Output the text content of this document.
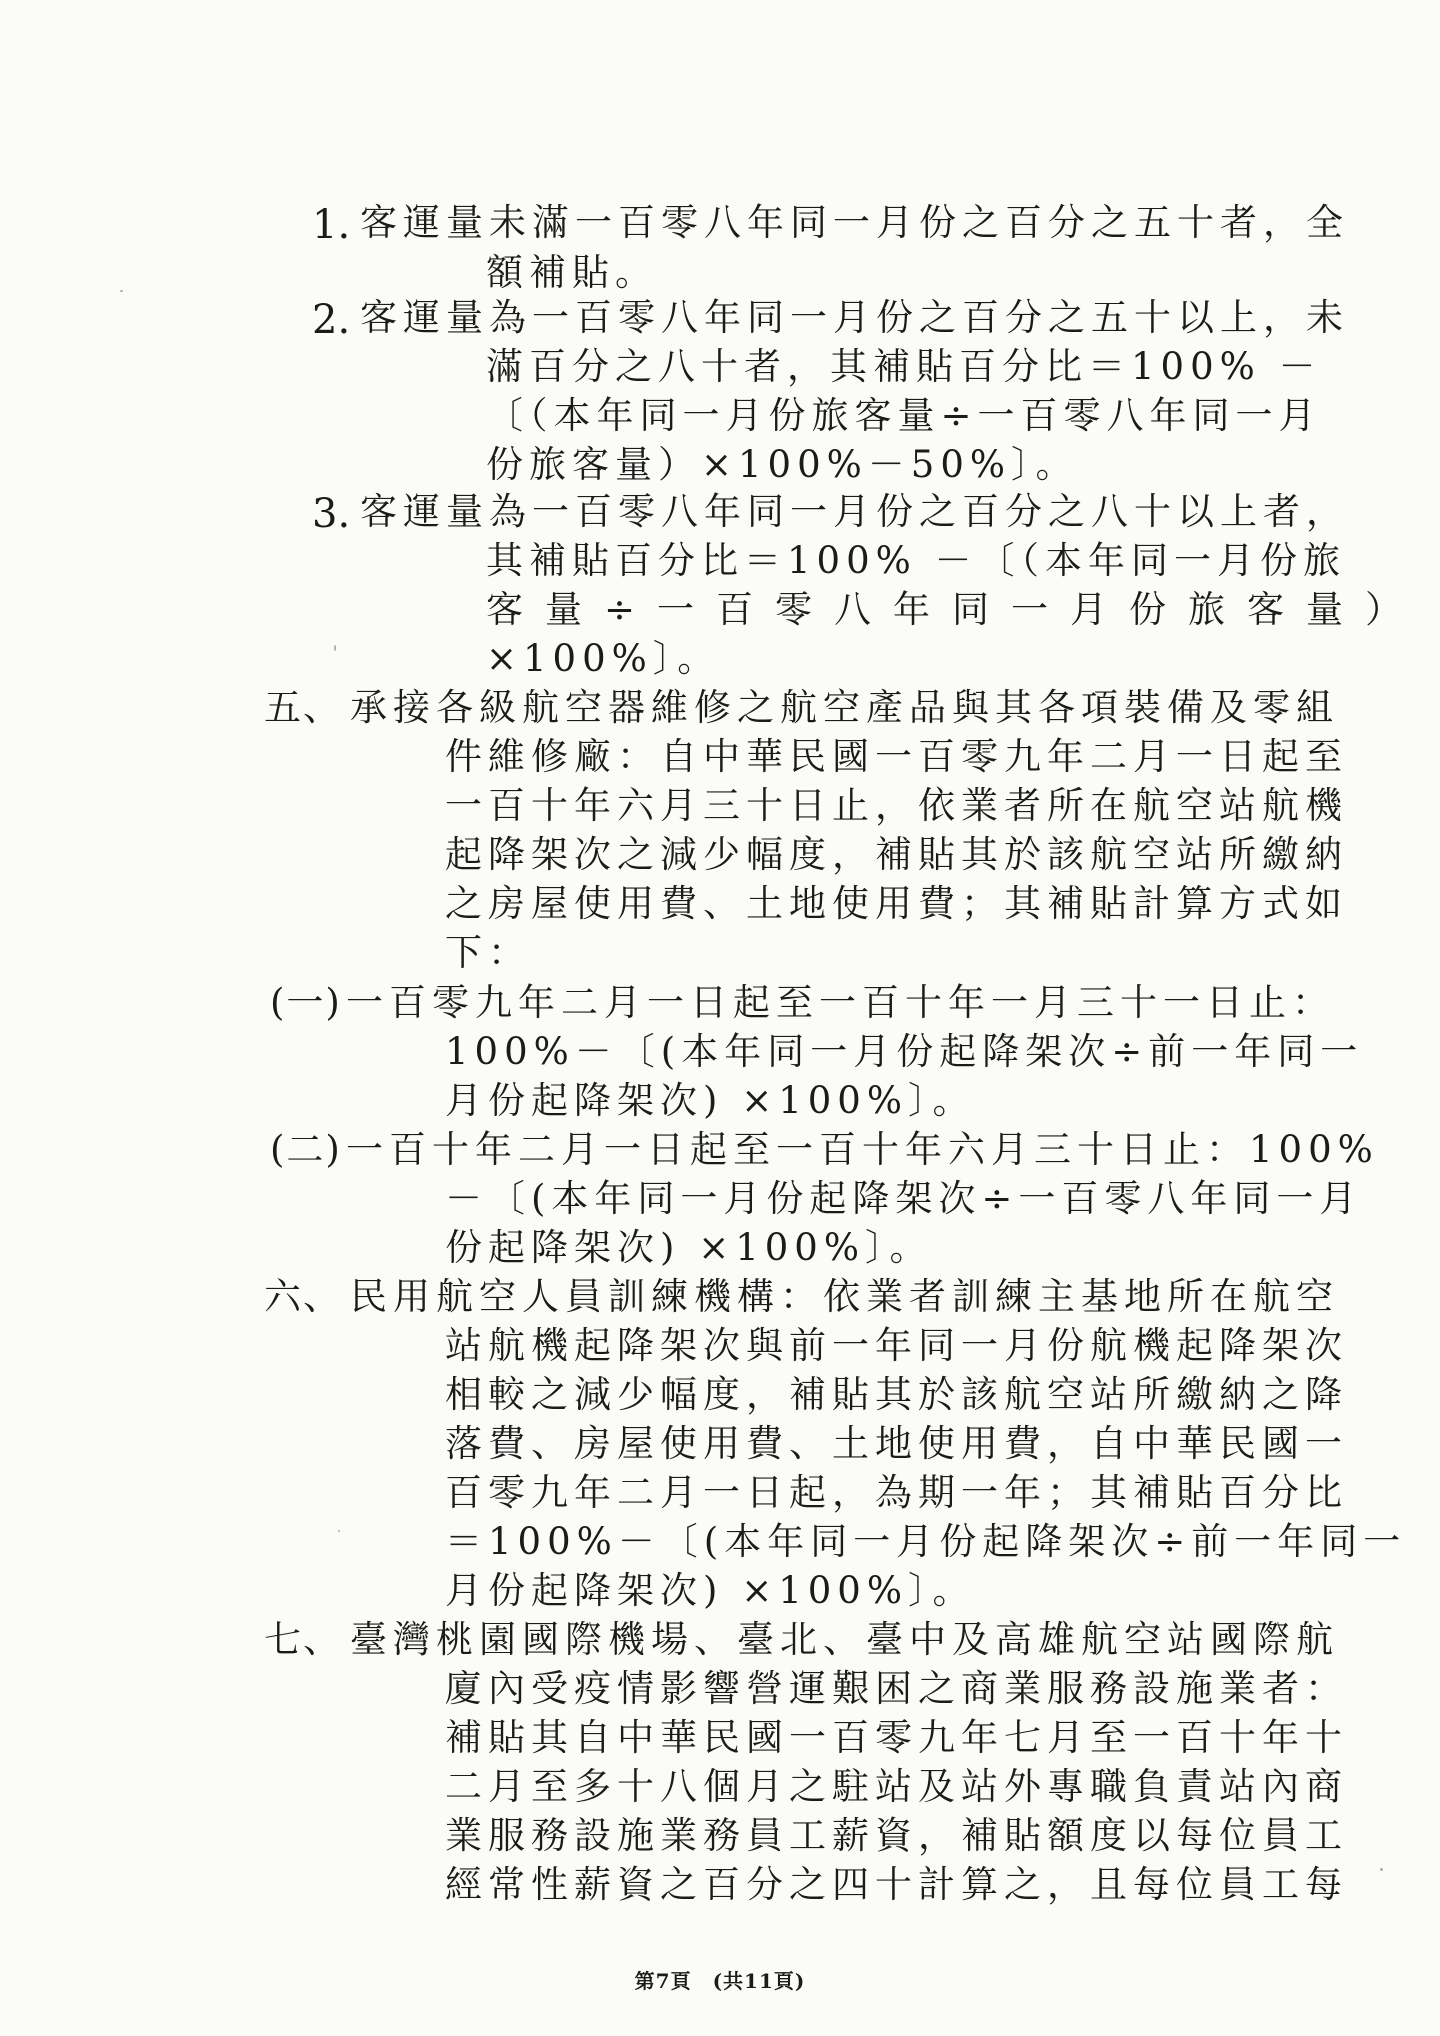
1. 客運量未滿一百零八年同一月份之百分之五十者，全
額補貼。
2. 客運量為一百零八年同一月份之百分之五十以上，未
滿百分之八十者，其補貼百分比＝100% －
〔（本年同一月份旅客量÷一百零八年同一月
份旅客量）×100%－50%〕。
3. 客運量為一百零八年同一月份之百分之八十以上者，
其補貼百分比＝100% －〔（本年同一月份旅
客量÷一百零八年同一月份旅客量）
×100%〕。
五、 承接各級航空器維修之航空產品與其各項裝備及零組
件維修廠：自中華民國一百零九年二月一日起至
一百十年六月三十日止，依業者所在航空站航機
起降架次之減少幅度，補貼其於該航空站所繳納
之房屋使用費、土地使用費；其補貼計算方式如
下：
(一) 一百零九年二月一日起至一百十年一月三十一日止：
100%－〔(本年同一月份起降架次÷前一年同一
月份起降架次) ×100%〕。
(二) 一百十年二月一日起至一百十年六月三十日止：100%
－〔(本年同一月份起降架次÷一百零八年同一月
份起降架次) ×100%〕。
六、 民用航空人員訓練機構：依業者訓練主基地所在航空
站航機起降架次與前一年同一月份航機起降架次
相較之減少幅度，補貼其於該航空站所繳納之降
落費、房屋使用費、土地使用費，自中華民國一
百零九年二月一日起，為期一年；其補貼百分比
＝100%－〔(本年同一月份起降架次÷前一年同一
月份起降架次) ×100%〕。
七、 臺灣桃園國際機場、臺北、臺中及高雄航空站國際航
廈內受疫情影響營運艱困之商業服務設施業者：
補貼其自中華民國一百零九年七月至一百十年十
二月至多十八個月之駐站及站外專職負責站內商
業服務設施業務員工薪資，補貼額度以每位員工
經常性薪資之百分之四十計算之，且每位員工每
第7頁　(共11頁)
